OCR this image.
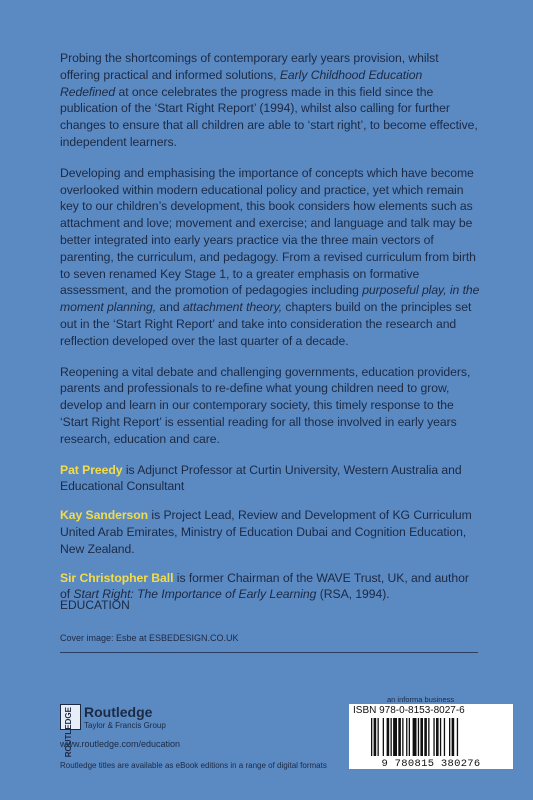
Probing the shortcomings of contemporary early years provision, whilst offering practical and informed solutions, Early Childhood Education Redefined at once celebrates the progress made in this field since the publication of the ‘Start Right Report’ (1994), whilst also calling for further changes to ensure that all children are able to ‘start right’, to become effective, independent learners.

Developing and emphasising the importance of concepts which have become overlooked within modern educational policy and practice, yet which remain key to our children’s development, this book considers how elements such as attachment and love; movement and exercise; and language and talk may be better integrated into early years practice via the three main vectors of parenting, the curriculum, and pedagogy. From a revised curriculum from birth to seven renamed Key Stage 1, to a greater emphasis on formative assessment, and the promotion of pedagogies including purposeful play, in the moment planning, and attachment theory, chapters build on the principles set out in the ‘Start Right Report’ and take into consideration the research and reflection developed over the last quarter of a decade.

Reopening a vital debate and challenging governments, education providers, parents and professionals to re-define what young children need to grow, develop and learn in our contemporary society, this timely response to the ‘Start Right Report’ is essential reading for all those involved in early years research, education and care.

Pat Preedy is Adjunct Professor at Curtin University, Western Australia and Educational Consultant
Kay Sanderson is Project Lead, Review and Development of KG Curriculum United Arab Emirates, Ministry of Education Dubai and Cognition Education, New Zealand.
Sir Christopher Ball is former Chairman of the WAVE Trust, UK, and author of Start Right: The Importance of Early Learning (RSA, 1994).
EDUCATION
Cover image: Esbe at ESBEDESIGN.CO.UK
ROUTLEDGE Routledge
Taylor & Francis Group
www.routledge.com/education
Routledge titles are available as eBook editions in a range of digital formats
an informa business
ISBN 978-0-8153-8027-6
9 780815 380276
